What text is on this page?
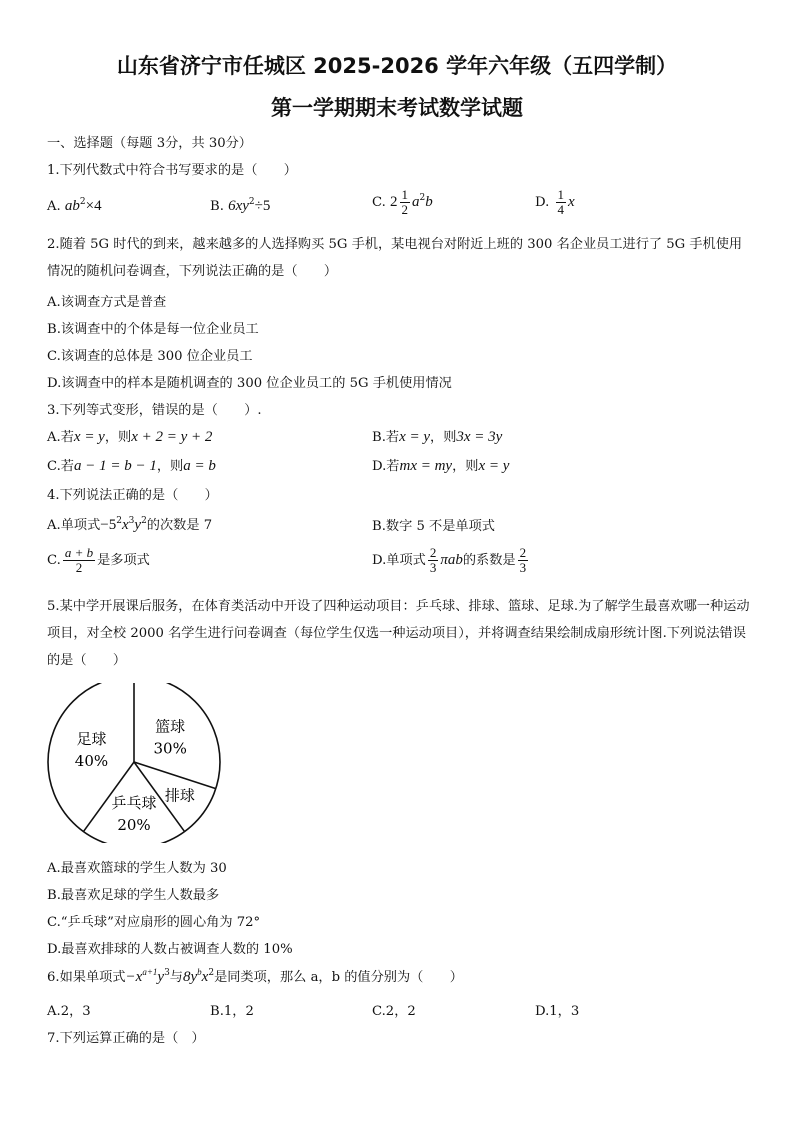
山东省济宁市任城区 2025-2026 学年六年级（五四学制）
第一学期期末考试数学试题
一、选择题（每题 3分，共 30分）
1.下列代数式中符合书写要求的是（　　）
A. $ab^2\times 4$	B. $6xy^2\div 5$	C. $2 \frac{1}{2} a^2b$	D. $\frac{1}{4}$ x
2.随着 5G 时代的到来，越来越多的人选择购买 5G 手机，某电视台对附近上班的 300 名企业员工进行了 5G 手机使用情况的随机问卷调查，下列说法正确的是（　　）
A.该调查方式是普查
B.该调查中的个体是每一位企业员工
C.该调查的总体是 300 位企业员工
D.该调查中的样本是随机调查的 300 位企业员工的 5G 手机使用情况
3.下列等式变形，错误的是（　　）.
A.若x = y，则x + 2 = y + 2	B.若x = y，则3x = 3y
C.若a − 1 = b − 1，则a = b	D.若mx = my，则x = y
4.下列说法正确的是（　　）
A.单项式$-5^2x^3y^2$的次数是 7	B.数字 5 不是单项式
C. $\frac{a + b}{2}$ 是多项式	D.单项式 $\frac{2}{3}$ πab的系数是 $\frac{2}{3}$
5.某中学开展课后服务，在体育类活动中开设了四种运动项目：乒乓球、排球、篮球、足球.为了解学生最喜欢哪一种运动项目，对全校 2000 名学生进行问卷调查（每位学生仅选一种运动项目），并将调查结果绘制成扇形统计图.下列说法错误的是（　　）
篮球
30%
排球
乒乓球
20%
足球
40%
A.最喜欢篮球的学生人数为 30
B.最喜欢足球的学生人数最多
C.“乒乓球”对应扇形的圆心角为 72°
D.最喜欢排球的人数占被调查人数的 10%
6.如果单项式$-x^{a+1}y^3$与$8y^bx^2$是同类项，那么 a，b 的值分别为（　　）
A.2，3	B.1，2	C.2，2	D.1，3
7.下列运算正确的是（　）
